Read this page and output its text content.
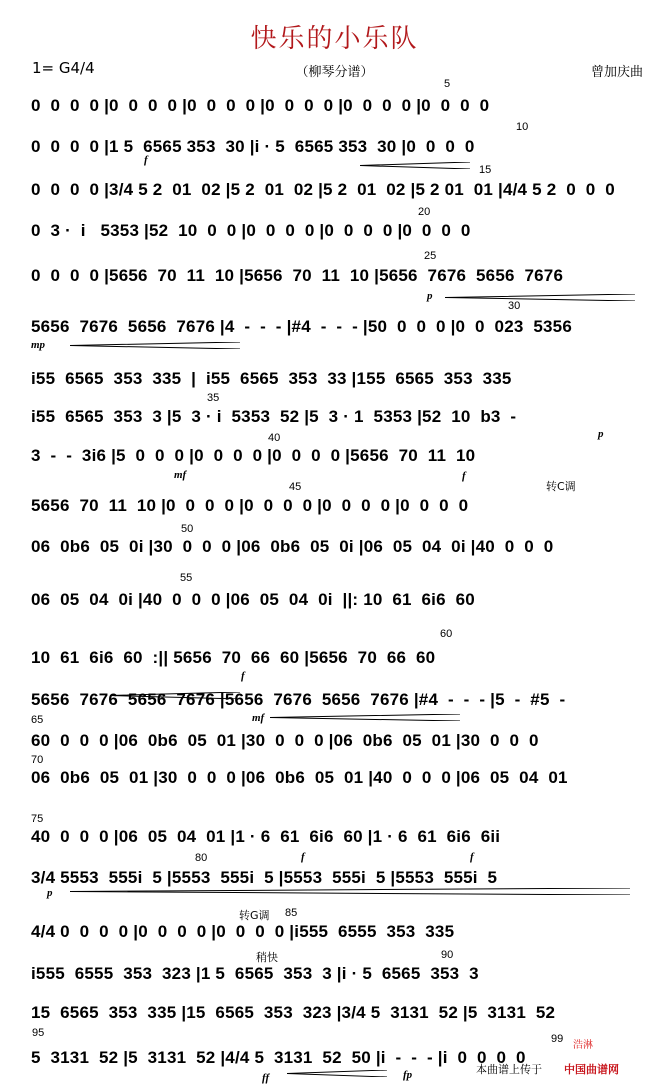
快乐的小乐队
1= G4/4	（柳琴分谱）	曾加庆曲
0  0  0  0 |0  0  0  0 |0  0  0  0 |0  0  0  0 |0  0  0  0 |0  0  0  0
0  0  0  0 |1 5  6565 353  30 |i · 5  6565 353  30 |0  0  0  0
0  0  0  0 |3/4 5 2  01  02 |5 2  01  02 |5 2  01  02 |5 2 01  01 |4/4 5 2  0  0  0
0  3 ·  i   5353 |52  10  0  0 |0  0  0  0 |0  0  0  0 |0  0  0  0
0  0  0  0 |5656  70  11  10 |5656  70  11  10 |5656  7676  5656  7676
5656  7676  5656  7676 |4  -  -  - |#4  -  -  - |50  0  0  0 |0  0  023  5356
i55  6565  353  335  |  i55  6565  353  33 |155  6565  353  335
i55  6565  353  3 |5  3 · i  5353  52 |5  3 · 1  5353 |52  10  b3  -
3  -  -  3i6 |5  0  0  0 |0  0  0  0 |0  0  0  0 |5656  70  11  10
5656  70  11  10 |0  0  0  0 |0  0  0  0 |0  0  0  0 |0  0  0  0
06  0b6  05  0i |30  0  0  0 |06  0b6  05  0i |06  05  04  0i |40  0  0  0
06  05  04  0i |40  0  0  0 |06  05  04  0i  ||: 10  61  6i6  60
10  61  6i6  60  :|| 5656  70  66  60 |5656  70  66  60
5656  7676  5656  7676 |5656  7676  5656  7676 |#4  -  -  - |5  -  #5  -
60  0  0  0 |06  0b6  05  01 |30  0  0  0 |06  0b6  05  01 |30  0  0  0
06  0b6  05  01 |30  0  0  0 |06  0b6  05  01 |40  0  0  0 |06  05  04  01
40  0  0  0 |06  05  04  01 |1 · 6  61  6i6  60 |1 · 6  61  6i6  6ii
3/4 5553  555i  5 |5553  555i  5 |5553  555i  5 |5553  555i  5
4/4 0  0  0  0 |0  0  0  0 |0  0  0  0 |i555  6555  353  335
i555  6555  353  323 |1 5  6565  353  3 |i · 5  6565  353  3
15  6565  353  335 |15  6565  353  323 |3/4 5  3131  52 |5  3131  52
5  3131  52 |5  3131  52 |4/4 5  3131  52  50 |i  -  -  - |i  0  0  0  0
5
10
15
20
25
30
35
40
45
50
55
60
65
70
75
80
85
90
95	99
转C调
转G调
稍快
f
p
mp
p
mf	f
f
f
mf
f
p
ff	fp	本曲谱上传于
浩淋
中国曲谱网
